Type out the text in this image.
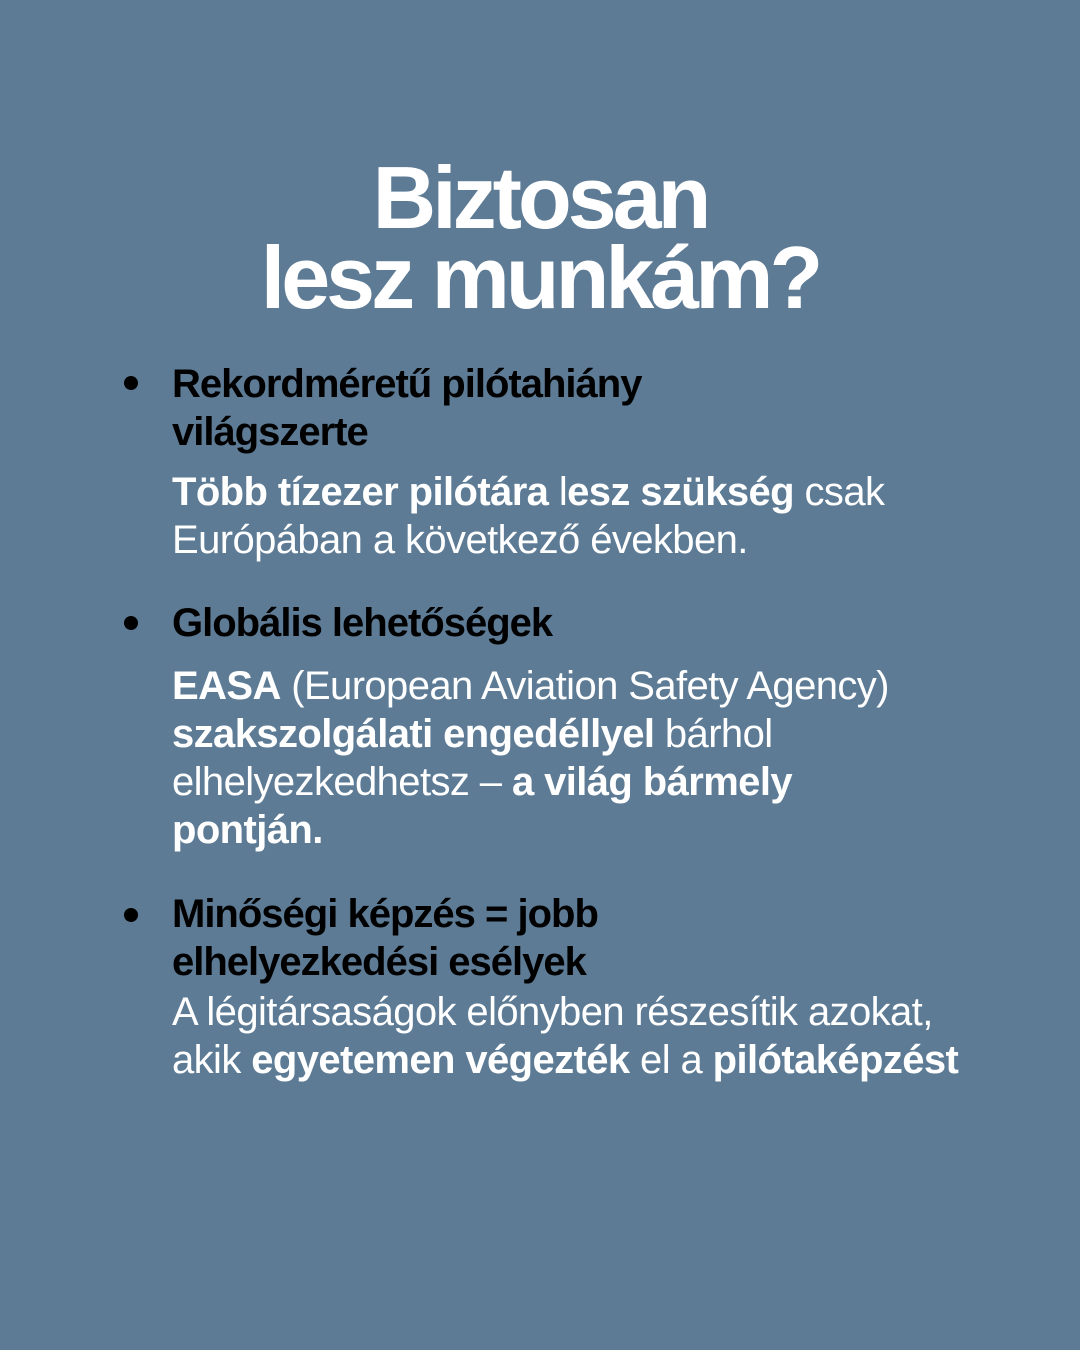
Biztosan
lesz munkám?
Rekordméretű pilótahiány világszerte
Több tízezer pilótára lesz szükség csak Európában a következő években.
Globális lehetőségek
EASA (European Aviation Safety Agency) szakszolgálati engedéllyel bárhol elhelyezkedhetsz – a világ bármely pontján.
Minőségi képzés = jobb elhelyezkedési esélyek
A légitársaságok előnyben részesítik azokat, akik egyetemen végezték el a pilótaképzést
